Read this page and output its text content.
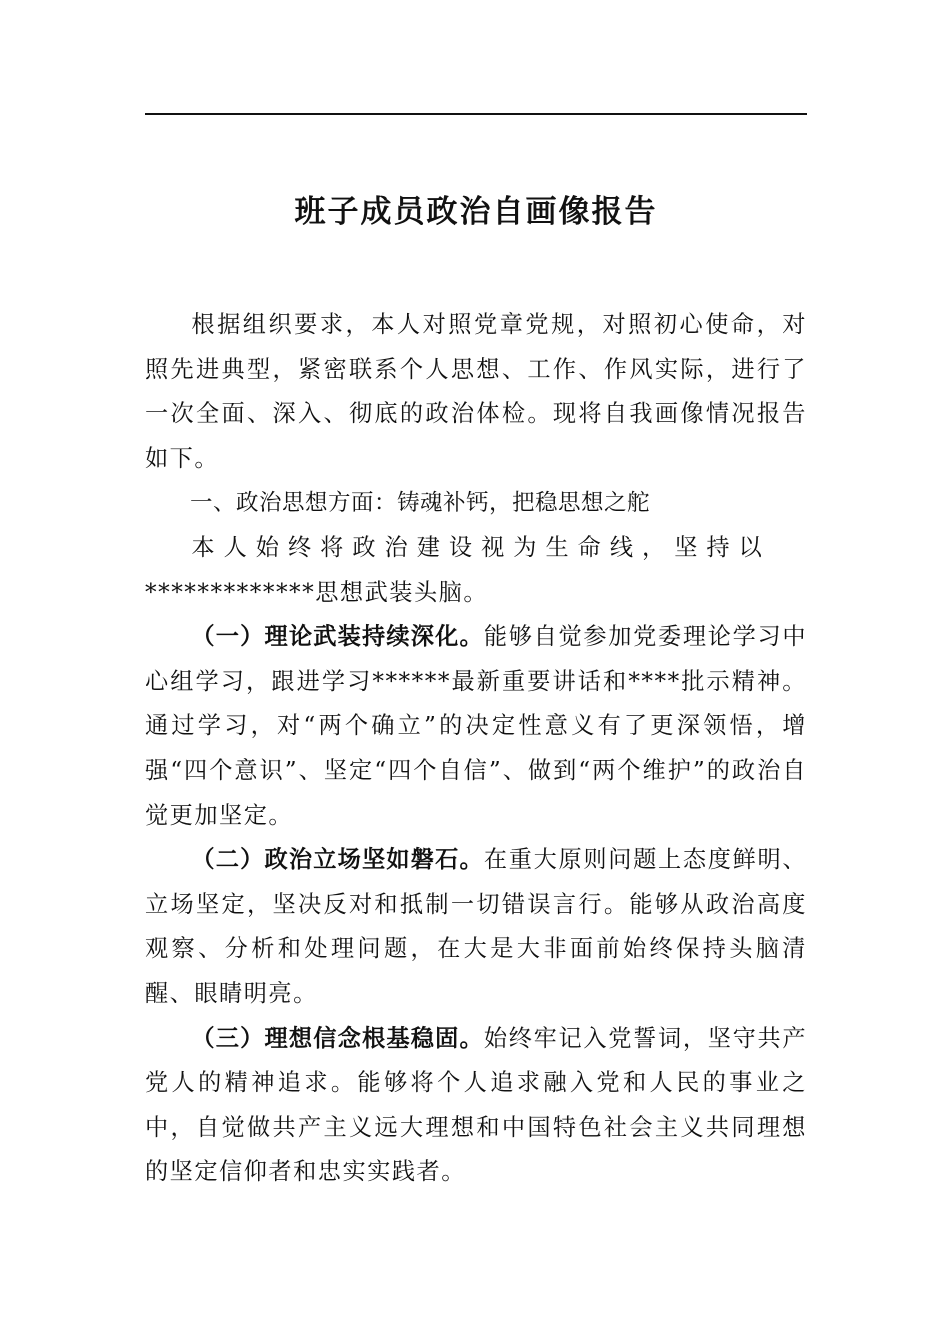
班子成员政治自画像报告

根据组织要求，本人对照党章党规，对照初心使命，对照先进典型，紧密联系个人思想、工作、作风实际，进行了一次全面、深入、彻底的政治体检。现将自我画像情况报告如下。

一、政治思想方面：铸魂补钙，把稳思想之舵

本人始终将政治建设视为生命线，坚持以

*************思想武装头脑。

（一）理论武装持续深化。能够自觉参加党委理论学习中心组学习，跟进学习******最新重要讲话和****批示精神。通过学习，对“两个确立”的决定性意义有了更深领悟，增强“四个意识”、坚定“四个自信”、做到“两个维护”的政治自觉更加坚定。

（二）政治立场坚如磐石。在重大原则问题上态度鲜明、立场坚定，坚决反对和抵制一切错误言行。能够从政治高度观察、分析和处理问题，在大是大非面前始终保持头脑清醒、眼睛明亮。

（三）理想信念根基稳固。始终牢记入党誓词，坚守共产党人的精神追求。能够将个人追求融入党和人民的事业之中，自觉做共产主义远大理想和中国特色社会主义共同理想的坚定信仰者和忠实实践者。
